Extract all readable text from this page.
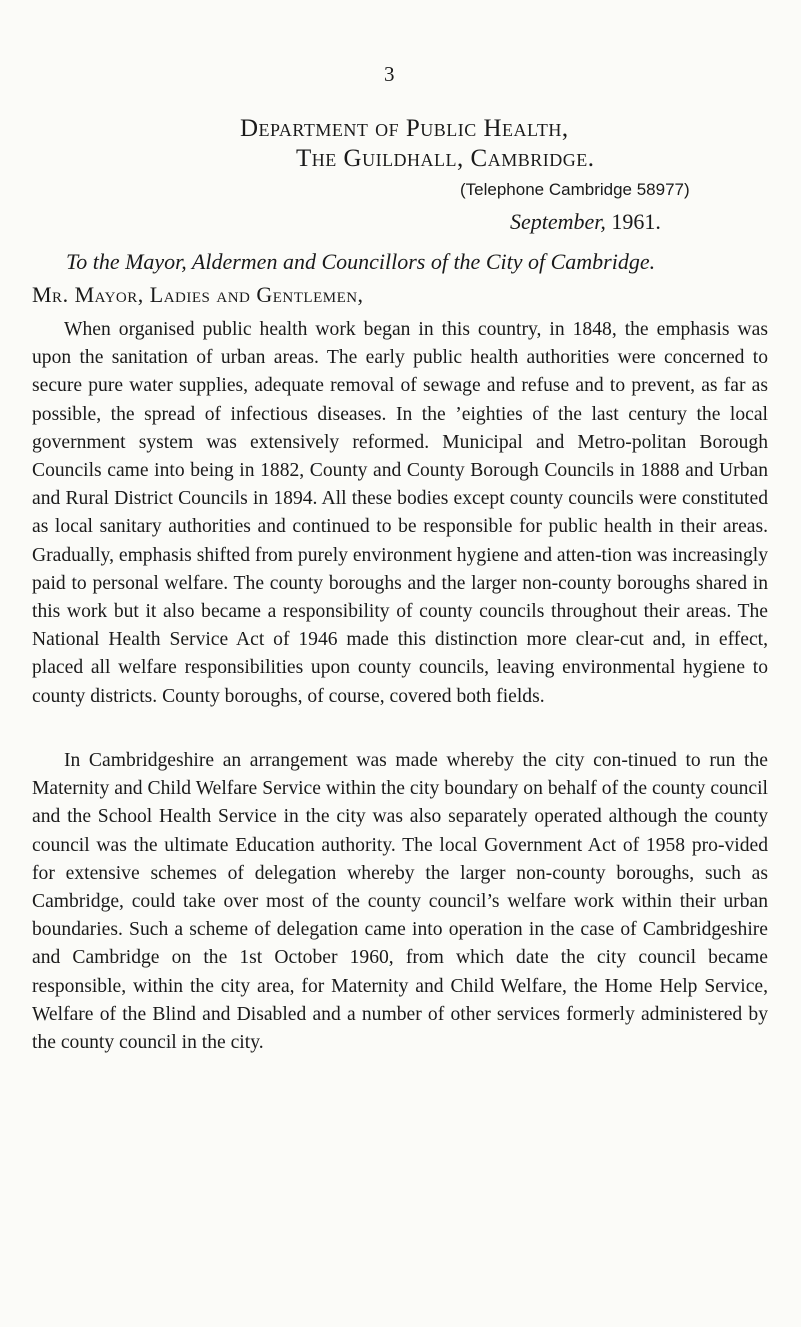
3
Department of Public Health,
The Guildhall, Cambridge.
(Telephone Cambridge 58977)
September, 1961.
To the Mayor, Aldermen and Councillors of the City of Cambridge.
Mr. Mayor, Ladies and Gentlemen,

When organised public health work began in this country, in 1848, the emphasis was upon the sanitation of urban areas. The early public health authorities were concerned to secure pure water supplies, adequate removal of sewage and refuse and to prevent, as far as possible, the spread of infectious diseases. In the ’eighties of the last century the local government system was extensively reformed. Municipal and Metro-politan Borough Councils came into being in 1882, County and County Borough Councils in 1888 and Urban and Rural District Councils in 1894. All these bodies except county councils were constituted as local sanitary authorities and continued to be responsible for public health in their areas. Gradually, emphasis shifted from purely environment hygiene and atten-tion was increasingly paid to personal welfare. The county boroughs and the larger non-county boroughs shared in this work but it also became a responsibility of county councils throughout their areas. The National Health Service Act of 1946 made this distinction more clear-cut and, in effect, placed all welfare responsibilities upon county councils, leaving environmental hygiene to county districts. County boroughs, of course, covered both fields.

In Cambridgeshire an arrangement was made whereby the city con-tinued to run the Maternity and Child Welfare Service within the city boundary on behalf of the county council and the School Health Service in the city was also separately operated although the county council was the ultimate Education authority. The local Government Act of 1958 pro-vided for extensive schemes of delegation whereby the larger non-county boroughs, such as Cambridge, could take over most of the county council’s welfare work within their urban boundaries. Such a scheme of delegation came into operation in the case of Cambridgeshire and Cambridge on the 1st October 1960, from which date the city council became responsible, within the city area, for Maternity and Child Welfare, the Home Help Service, Welfare of the Blind and Disabled and a number of other services formerly administered by the county council in the city.
